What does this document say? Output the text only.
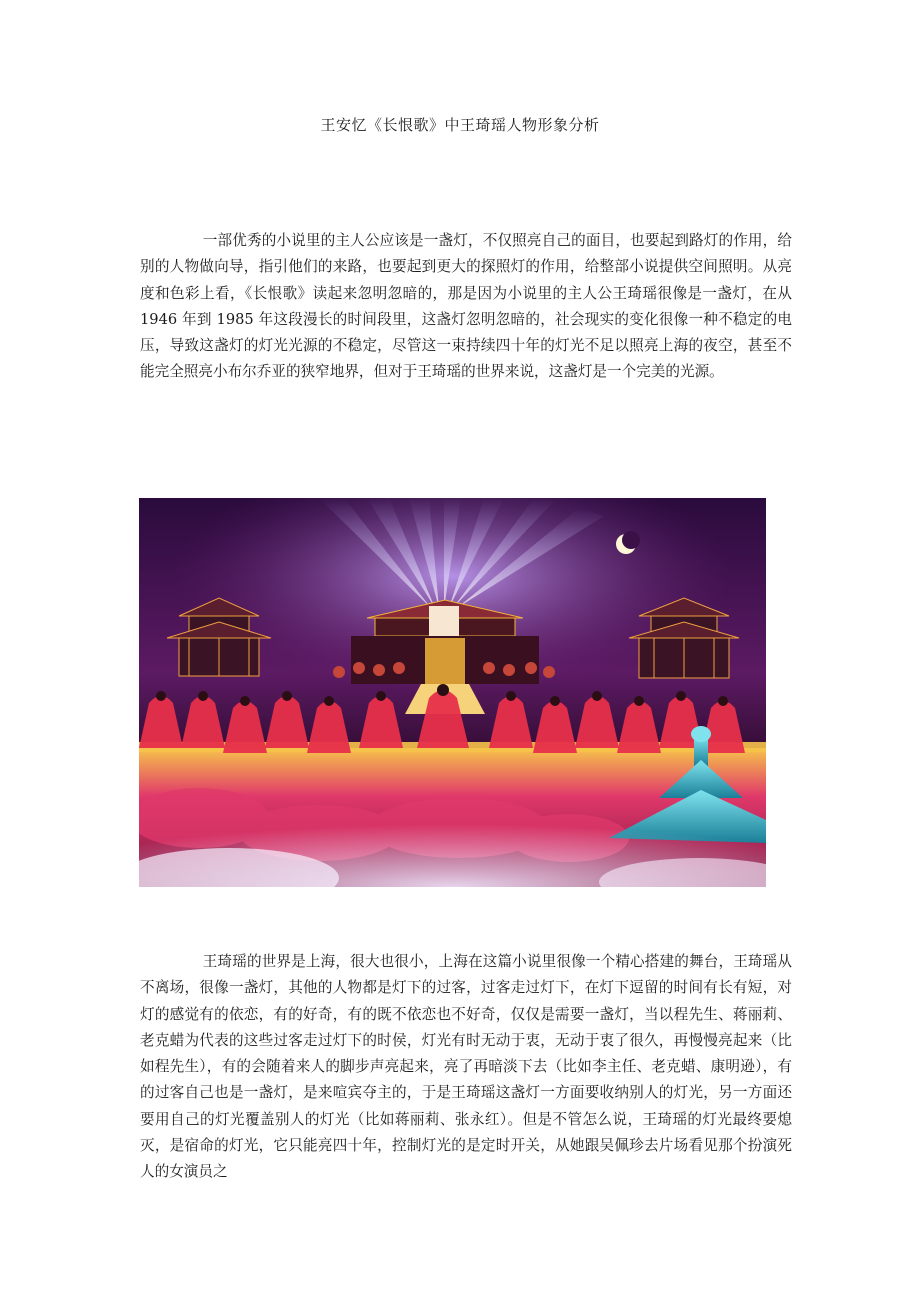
王安忆《长恨歌》中王琦瑶人物形象分析

一部优秀的小说里的主人公应该是一盏灯，不仅照亮自己的面目，也要起到路灯的作用，给别的人物做向导，指引他们的来路，也要起到更大的探照灯的作用，给整部小说提供空间照明。从亮度和色彩上看，《长恨歌》读起来忽明忽暗的，那是因为小说里的主人公王琦瑶很像是一盏灯，在从 1946 年到 1985 年这段漫长的时间段里，这盏灯忽明忽暗的，社会现实的变化很像一种不稳定的电压，导致这盏灯的灯光光源的不稳定，尽管这一束持续四十年的灯光不足以照亮上海的夜空，甚至不能完全照亮小布尔乔亚的狭窄地界，但对于王琦瑶的世界来说，这盏灯是一个完美的光源。

王琦瑶的世界是上海，很大也很小，上海在这篇小说里很像一个精心搭建的舞台，王琦瑶从不离场，很像一盏灯，其他的人物都是灯下的过客，过客走过灯下，在灯下逗留的时间有长有短，对灯的感觉有的依恋，有的好奇，有的既不依恋也不好奇，仅仅是需要一盏灯，当以程先生、蒋丽莉、老克蜡为代表的这些过客走过灯下的时侯，灯光有时无动于衷，无动于衷了很久，再慢慢亮起来（比如程先生），有的会随着来人的脚步声亮起来，亮了再暗淡下去（比如李主任、老克蜡、康明逊），有的过客自己也是一盏灯，是来喧宾夺主的，于是王琦瑶这盏灯一方面要收纳别人的灯光，另一方面还要用自己的灯光覆盖别人的灯光（比如蒋丽莉、张永红）。但是不管怎么说，王琦瑶的灯光最终要熄灭，是宿命的灯光，它只能亮四十年，控制灯光的是定时开关，从她跟吴佩珍去片场看见那个扮演死人的女演员之
